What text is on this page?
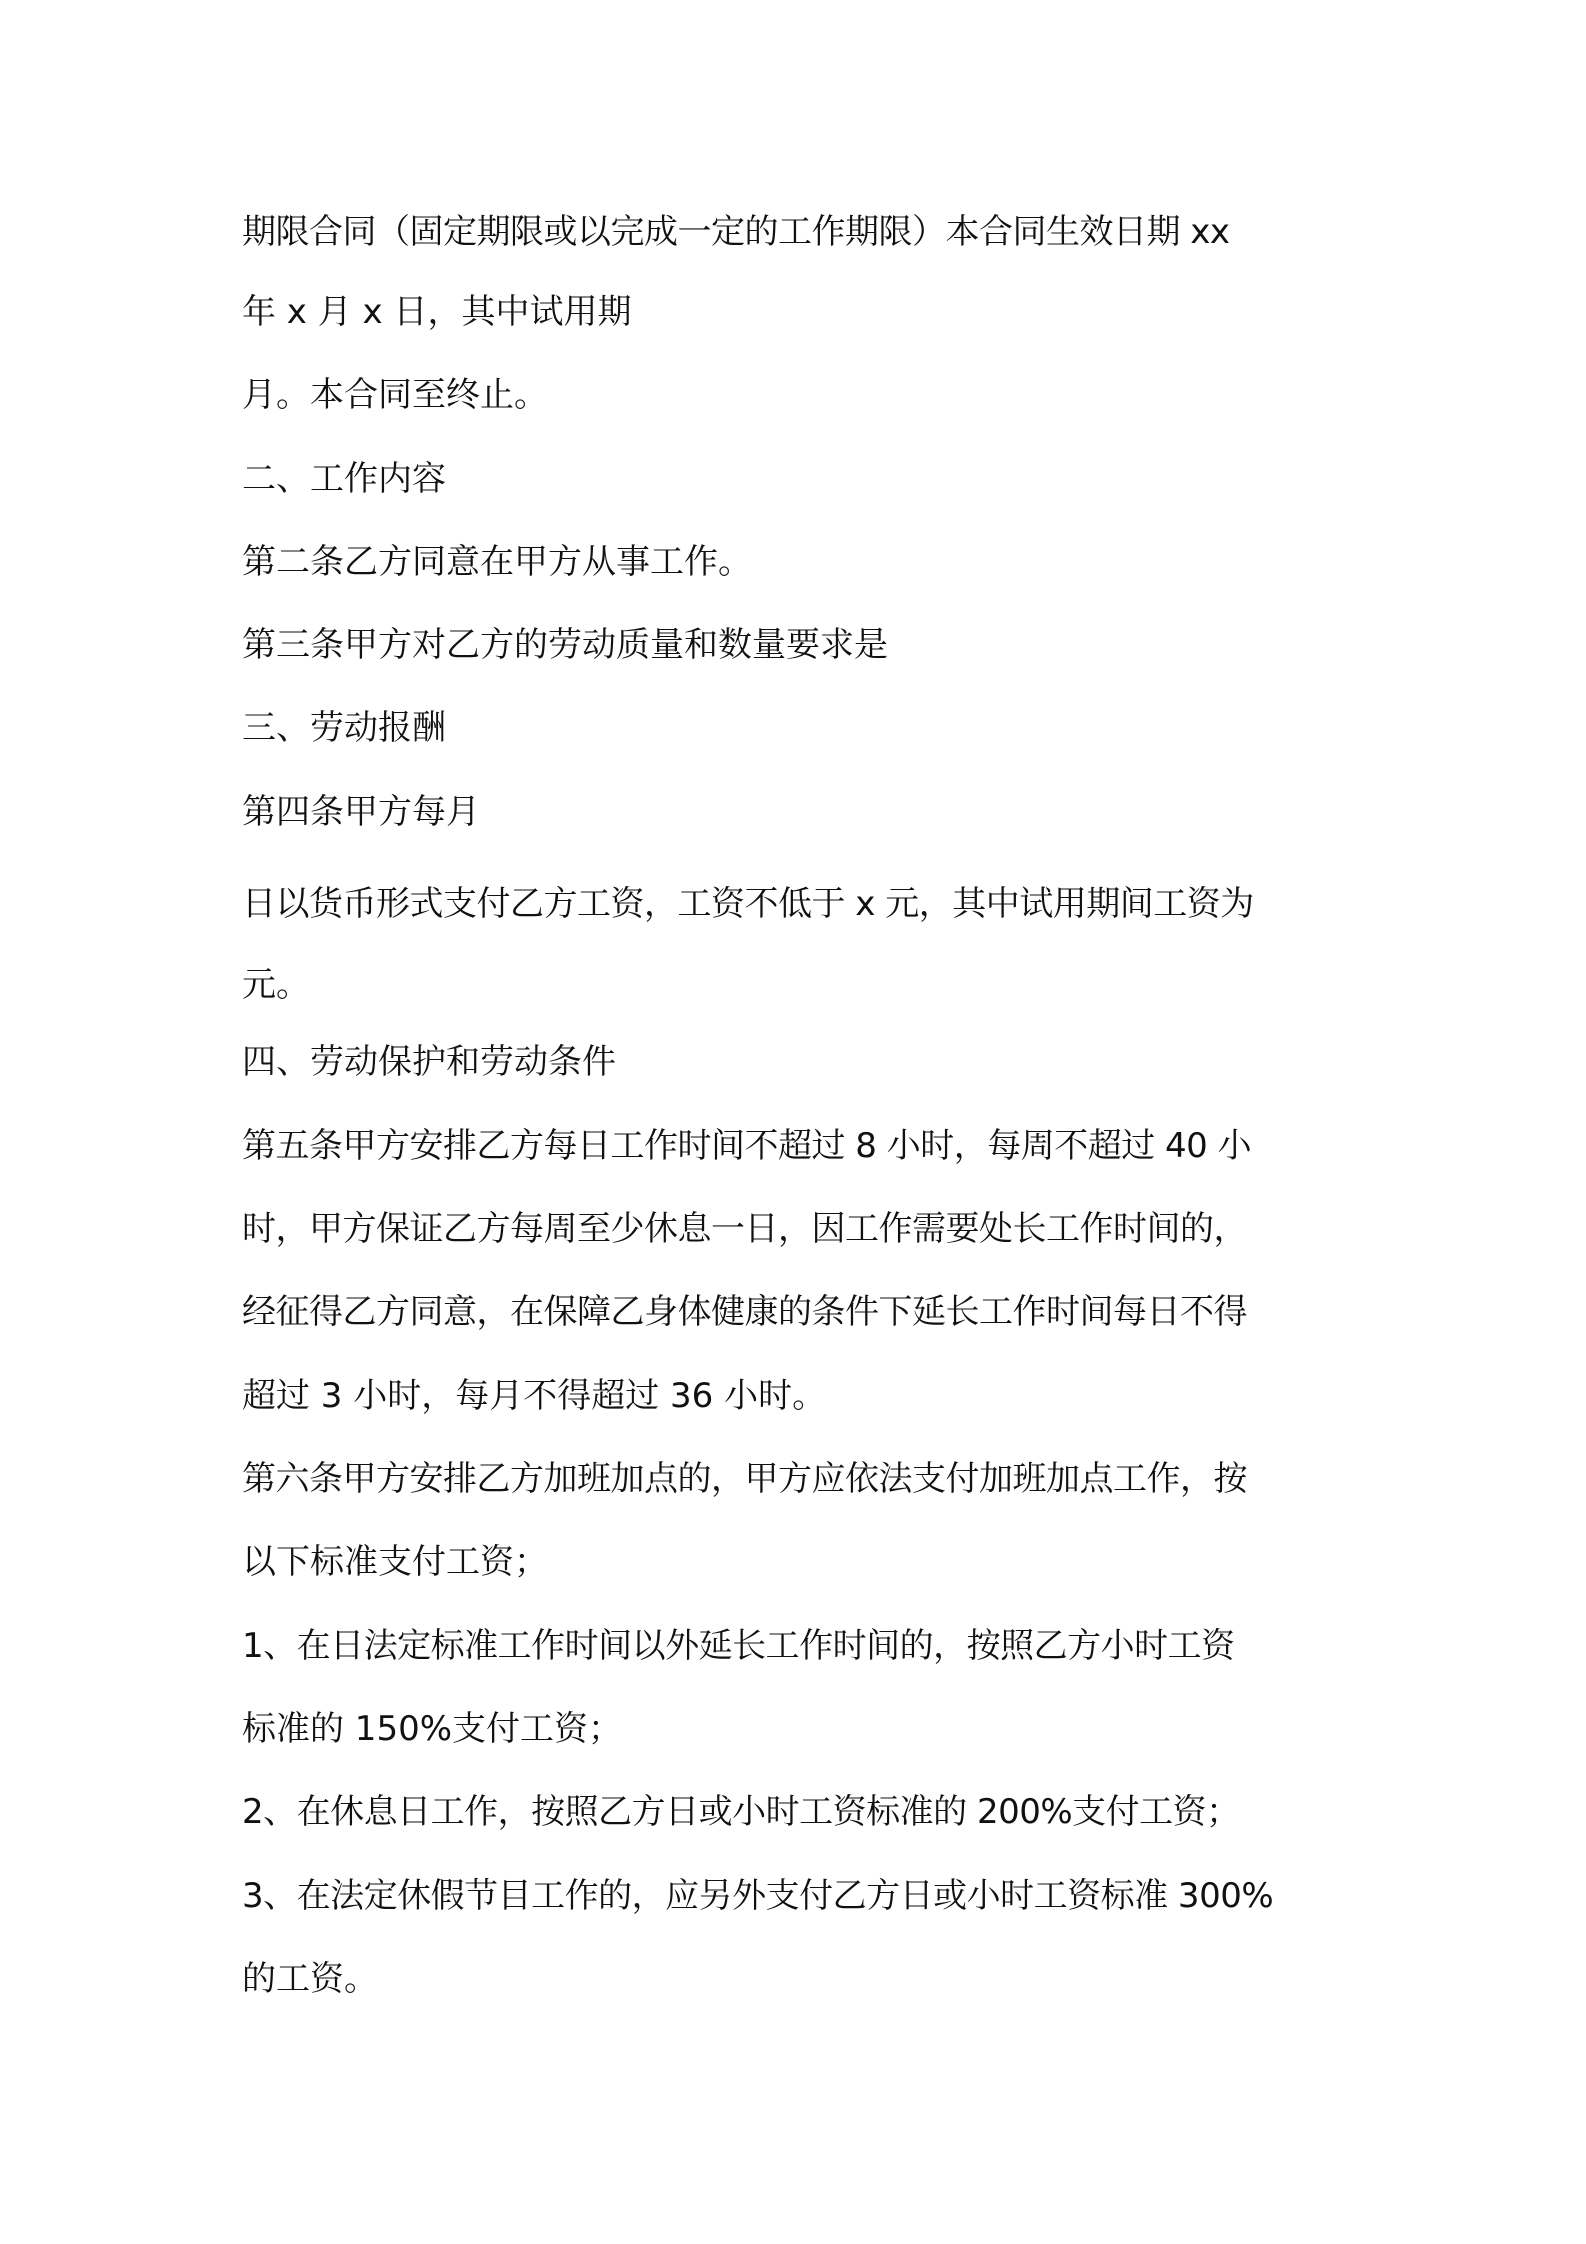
期限合同（固定期限或以完成一定的工作期限）本合同生效日期 xx
年 x 月 x 日，其中试用期
月。本合同至终止。
二、工作内容
第二条乙方同意在甲方从事工作。
第三条甲方对乙方的劳动质量和数量要求是
三、劳动报酬
第四条甲方每月
日以货币形式支付乙方工资，工资不低于 x 元，其中试用期间工资为
元。
四、劳动保护和劳动条件
第五条甲方安排乙方每日工作时间不超过 8 小时，每周不超过 40 小
时，甲方保证乙方每周至少休息一日，因工作需要处长工作时间的，
经征得乙方同意，在保障乙身体健康的条件下延长工作时间每日不得
超过 3 小时，每月不得超过 36 小时。
第六条甲方安排乙方加班加点的，甲方应依法支付加班加点工作，按
以下标准支付工资；
1、在日法定标准工作时间以外延长工作时间的，按照乙方小时工资
标准的 150%支付工资；
2、在休息日工作，按照乙方日或小时工资标准的 200%支付工资；
3、在法定休假节目工作的，应另外支付乙方日或小时工资标准 300%
的工资。
